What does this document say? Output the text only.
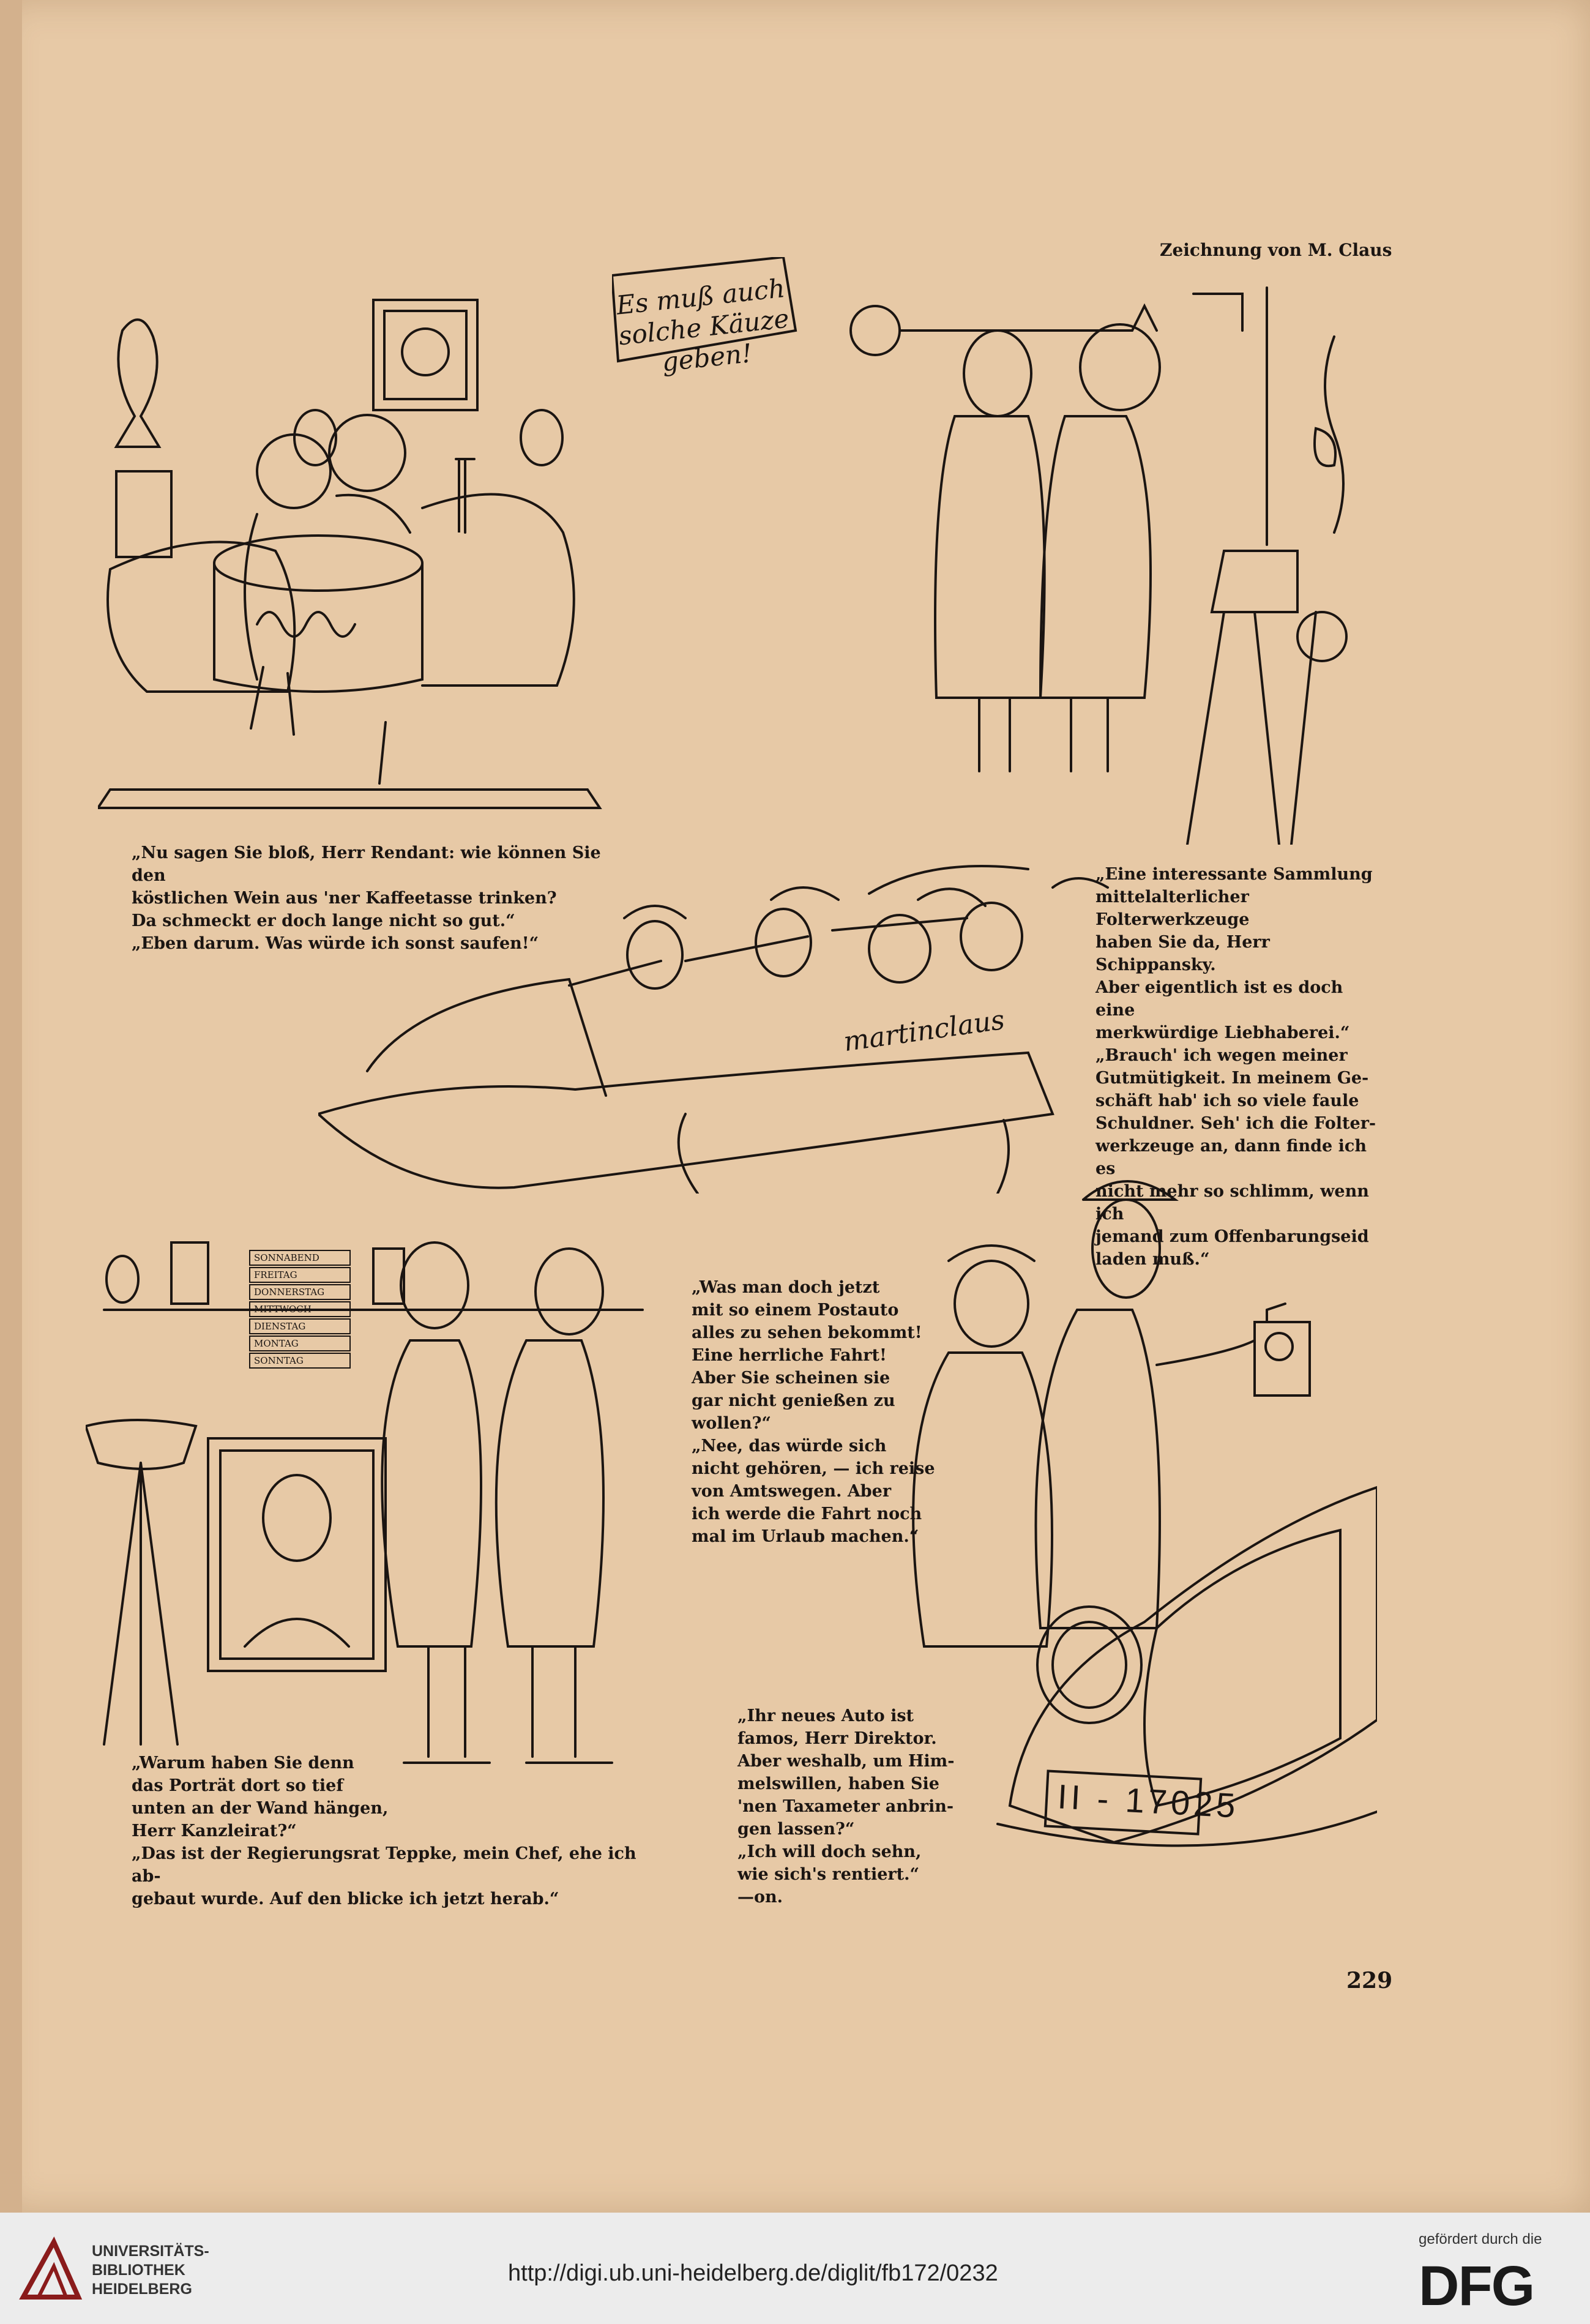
Zeichnung von M. Claus
„Nu sagen Sie bloß, Herr Rendant: wie können Sie den
köstlichen Wein aus 'ner Kaffeetasse trinken?
Da schmeckt er doch lange nicht so gut.“
„Eben darum. Was würde ich sonst saufen!“
Es muß auch solche Käuze geben!
„Eine interessante Sammlung
mittelalterlicher Folterwerkzeuge
haben Sie da, Herr Schippansky.
Aber eigentlich ist es doch eine
merkwürdige Liebhaberei.“
„Brauch' ich wegen meiner
Gutmütigkeit. In meinem Ge-
schäft hab' ich so viele faule
Schuldner. Seh' ich die Folter-
werkzeuge an, dann finde ich es
nicht mehr so schlimm, wenn ich
jemand zum Offenbarungseid
laden muß.“
martinclaus
SONNABEND
FREITAG
DONNERSTAG
MITTWOCH
DIENSTAG
MONTAG
SONNTAG
„Was man doch jetzt
mit so einem Postauto
alles zu sehen bekommt!
Eine herrliche Fahrt!
Aber Sie scheinen sie
gar nicht genießen zu
wollen?“
„Nee, das würde sich
nicht gehören, — ich reise
von Amtswegen. Aber
ich werde die Fahrt noch
mal im Urlaub machen.“
„Warum haben Sie denn
das Porträt dort so tief
unten an der Wand hängen,
Herr Kanzleirat?“
„Das ist der Regierungsrat Teppke, mein Chef, ehe ich ab-
gebaut wurde. Auf den blicke ich jetzt herab.“
II - 17025
„Ihr neues Auto ist
famos, Herr Direktor.
Aber weshalb, um Him-
melswillen, haben Sie
'nen Taxameter anbrin-
gen lassen?“
„Ich will doch sehn,
wie sich's rentiert.“
—on.
229
UNIVERSITÄTS-
BIBLIOTHEK
HEIDELBERG
http://digi.ub.uni-heidelberg.de/diglit/fb172/0232
gefördert durch die
DFG
